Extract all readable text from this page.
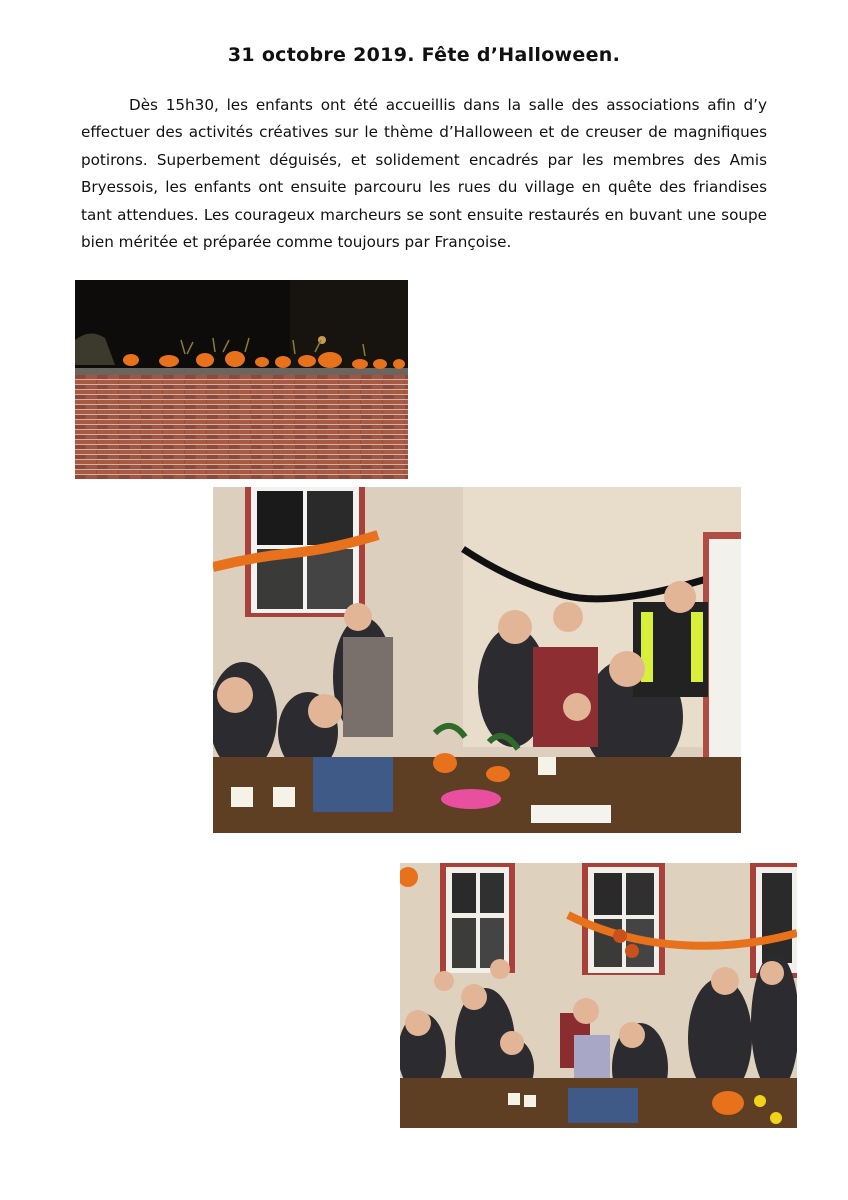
31 octobre 2019. Fête d’Halloween.
Dès 15h30, les enfants ont été accueillis dans la salle des associations afin d’y effectuer des activités créatives sur le thème d’Halloween et de creuser de magnifiques potirons. Superbement déguisés, et solidement encadrés par les membres des Amis Bryessois, les enfants ont ensuite parcouru les rues du village en quête des friandises tant attendues. Les courageux marcheurs se sont ensuite restaurés en buvant une soupe bien méritée et préparée comme toujours par Françoise.
